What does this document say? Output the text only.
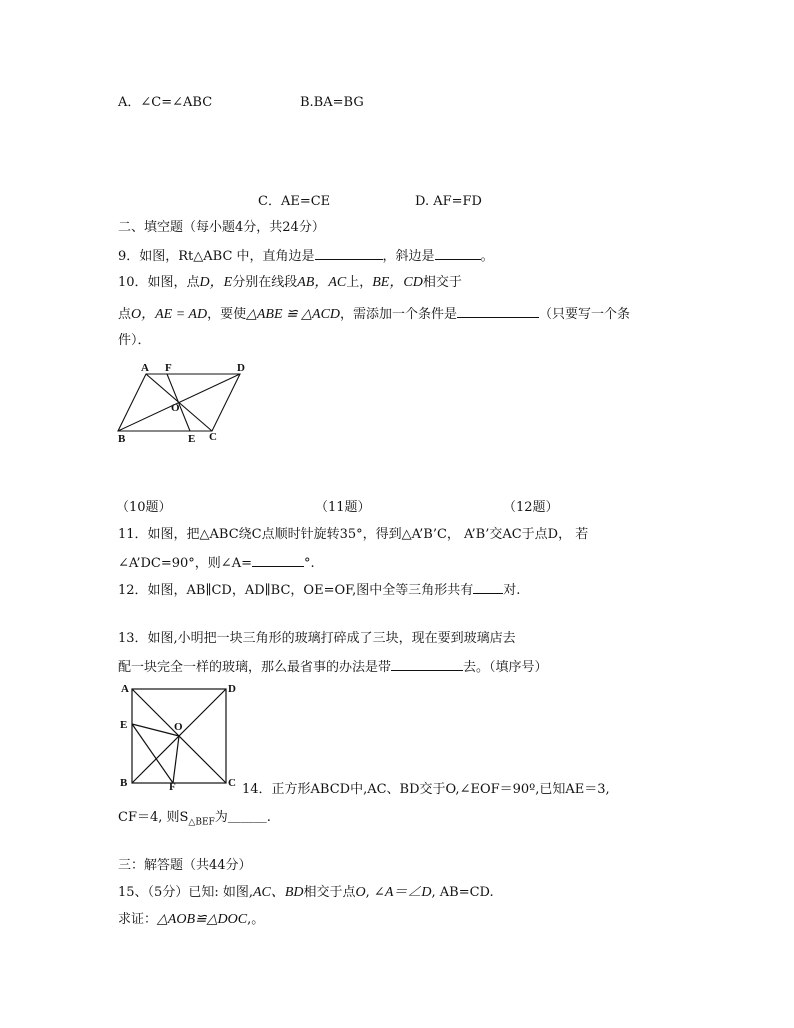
A．∠C=∠ABC	B.BA=BG
C．AE=CE	D. AF=FD
二、填空题（每小题4分，共24分）
9．如图，Rt△ABC 中，直角边是	，斜边是	。
10．如图，点D，E分别在线段AB，AC上，BE，CD相交于
点O，AE = AD，要使△ABE ≌ △ACD，需添加一个条件是	（只要写一个条
件）．
A F	D
O
B	E C
（10题）	（11题）	（12题）
11．如图，把△ABC绕C点顺时针旋转35°，得到△A’B’C， A’B’交AC于点D， 若
∠A’DC=90°，则∠A=	°.
12．如图，AB∥CD，AD∥BC，OE=OF,图中全等三角形共有 对.
13．如图,小明把一块三角形的玻璃打碎成了三块，现在要到玻璃店去
配一块完全一样的玻璃，那么最省事的办法是带	去。（填序号）
A	D
E	O
B	F	C 14．正方形ABCD中,AC、BD交于O,∠EOF＝90º,已知AE＝3,
CF＝4, 则$S_{\triangle BEF}$为＿＿＿.
三：解答题（共44分）
15、（5分）已知: 如图,AC、BD相交于点O, ∠A＝∠D, AB=CD.
求证：△AOB≌△DOC,。
